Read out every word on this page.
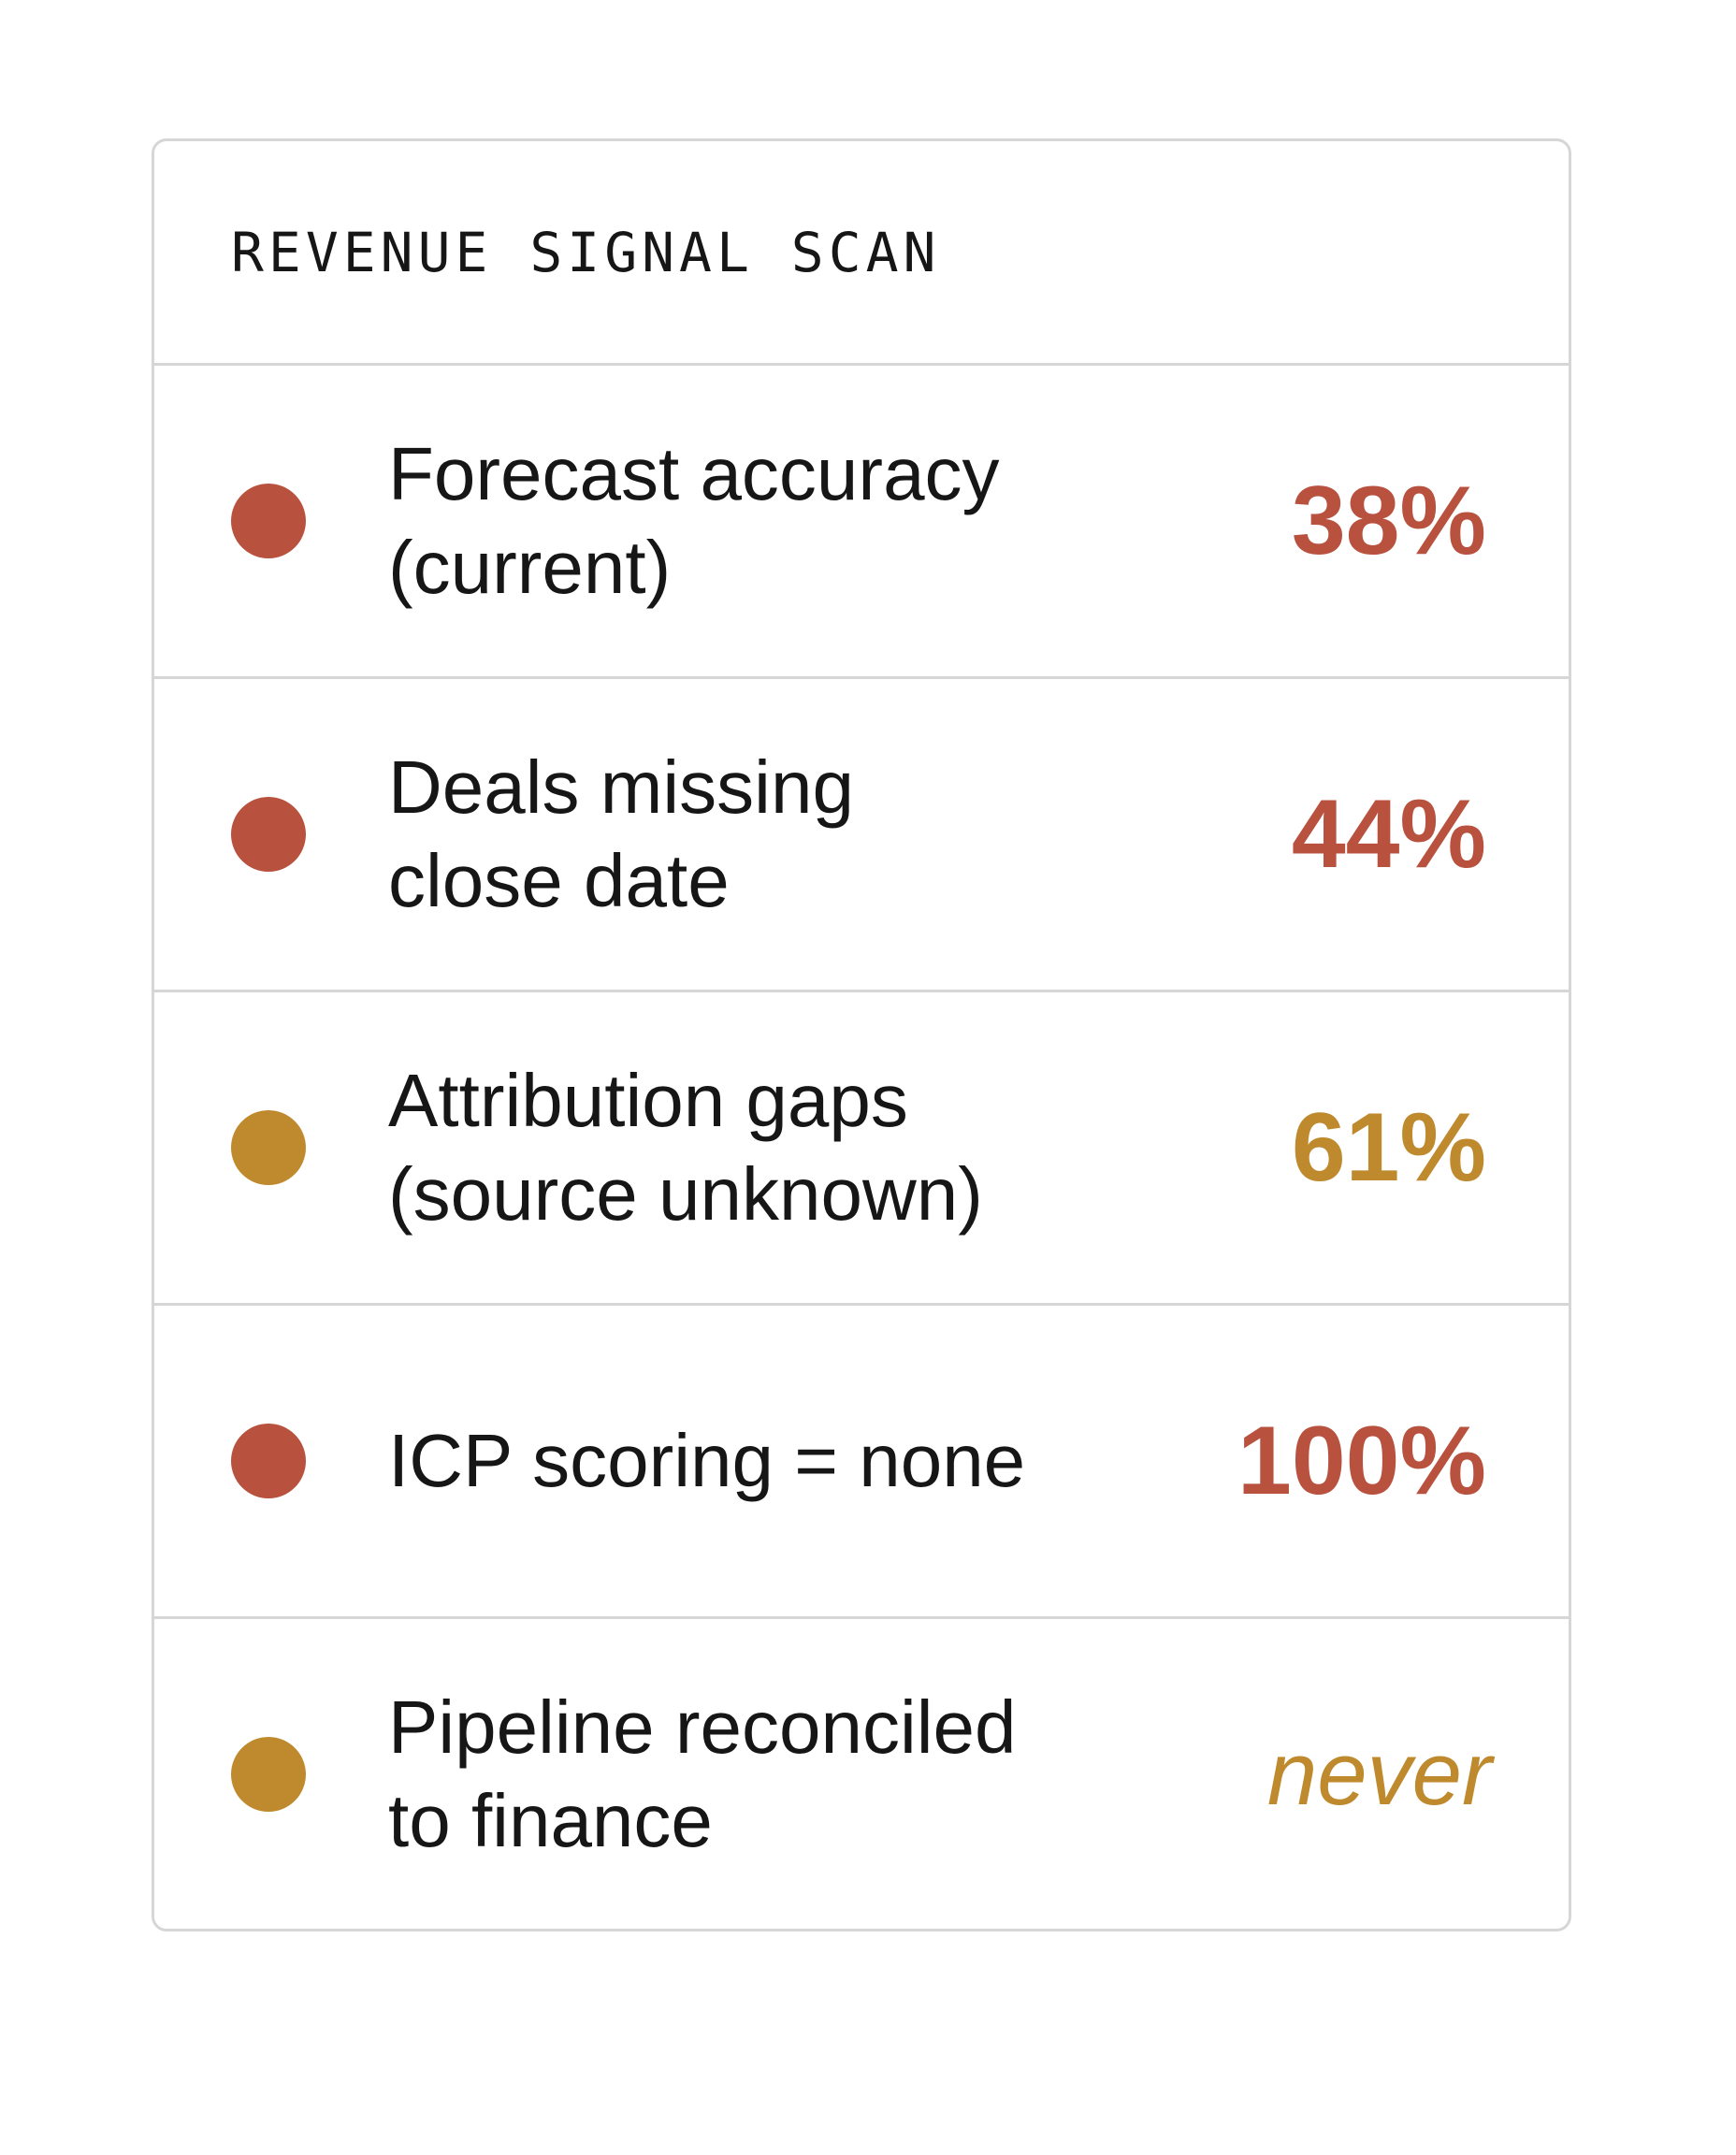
REVENUE SIGNAL SCAN
Forecast accuracy
(current)	38%
Deals missing
close date	44%
Attribution gaps
(source unknown)	61%
ICP scoring = none	100%
Pipeline reconciled
to finance	never
